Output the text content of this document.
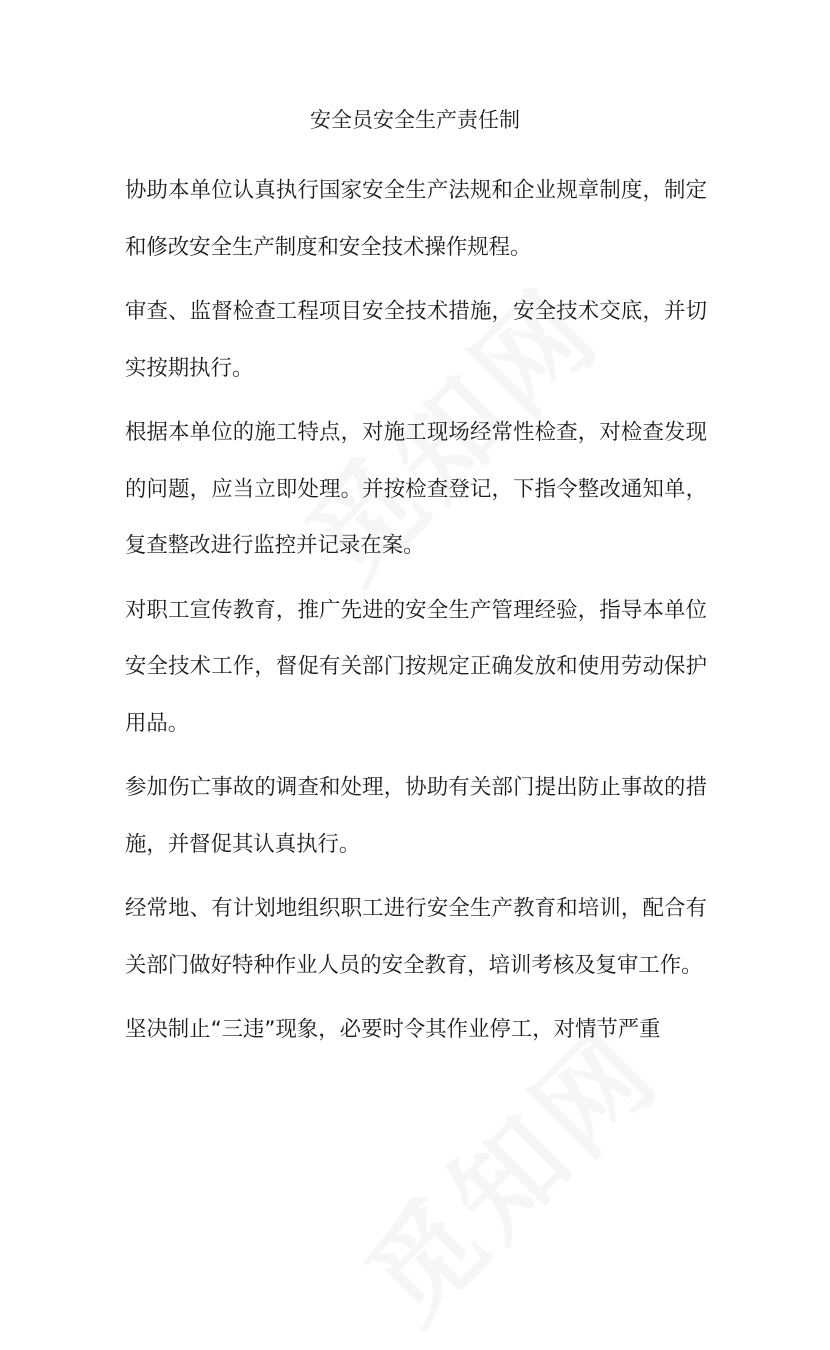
安全员安全生产责任制

协助本单位认真执行国家安全生产法规和企业规章制度，制定和修改安全生产制度和安全技术操作规程。

审查、监督检查工程项目安全技术措施，安全技术交底，并切实按期执行。

根据本单位的施工特点，对施工现场经常性检查，对检查发现的问题，应当立即处理。并按检查登记，下指令整改通知单，复查整改进行监控并记录在案。

对职工宣传教育，推广先进的安全生产管理经验，指导本单位安全技术工作，督促有关部门按规定正确发放和使用劳动保护用品。

参加伤亡事故的调查和处理，协助有关部门提出防止事故的措施，并督促其认真执行。

经常地、有计划地组织职工进行安全生产教育和培训，配合有关部门做好特种作业人员的安全教育，培训考核及复审工作。

坚决制止“三违”现象，必要时令其作业停工，对情节严重
